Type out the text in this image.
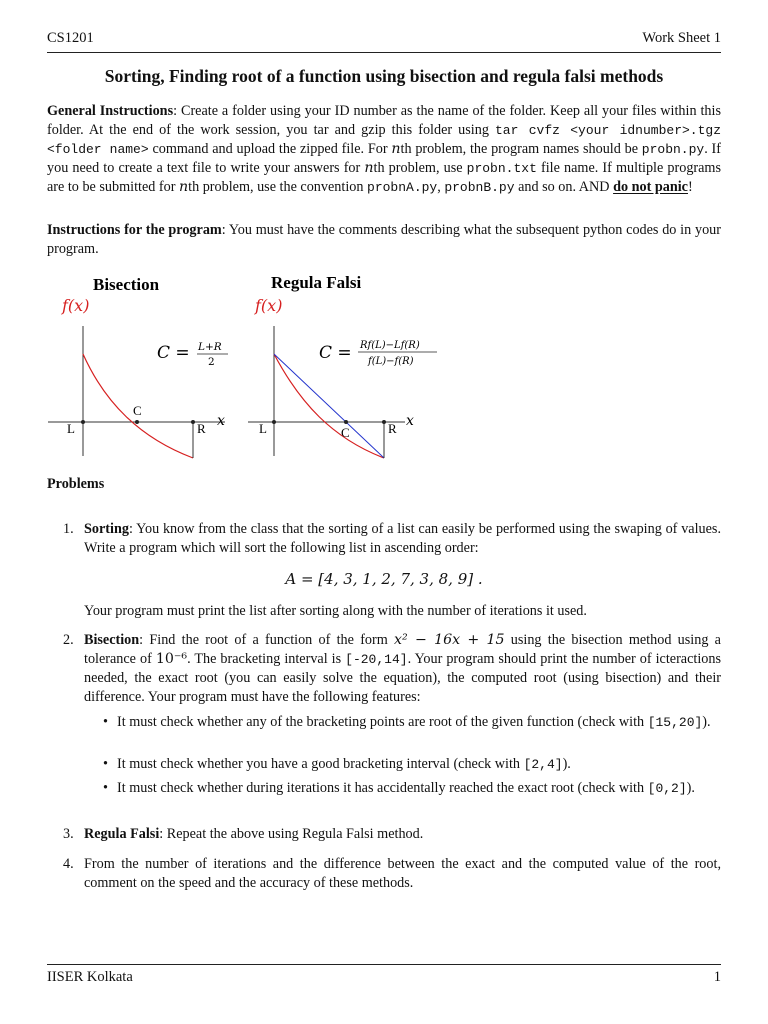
CS1201	Work Sheet 1
Sorting, Finding root of a function using bisection and regula falsi methods
General Instructions: Create a folder using your ID number as the name of the folder. Keep all your files within this folder. At the end of the work session, you tar and gzip this folder using tar cvfz <your idnumber>.tgz <folder name> command and upload the zipped file. For nth problem, the program names should be probn.py. If you need to create a text file to write your answers for nth problem, use probn.txt file name. If multiple programs are to be submitted for nth problem, use the convention probnA.py, probnB.py and so on. AND do not panic!
Instructions for the program: You must have the comments describing what the subsequent python codes do in your program.
Bisection
f(x)
L
C
R x
C = L+R
2
Regula Falsi
f(x)
L	C	R x
C = Rf(L)−Lf(R)
f(L)−f(R)
Problems
1. Sorting: You know from the class that the sorting of a list can easily be performed using the swaping of values. Write a program which will sort the following list in ascending order:
A = [4, 3, 1, 2, 7, 3, 8, 9] .
Your program must print the list after sorting along with the number of iterations it used.
2. Bisection: Find the root of a function of the form x² − 16x + 15 using the bisection method using a tolerance of 10⁻⁶. The bracketing interval is [-20,14]. Your program should print the number of icteractions needed, the exact root (you can easily solve the equation), the computed root (using bisection) and their difference. Your program must have the following features:
• It must check whether any of the bracketing points are root of the given function (check with [15,20]).
• It must check whether you have a good bracketing interval (check with [2,4]).
• It must check whether during iterations it has accidentally reached the exact root (check with [0,2]).
3. Regula Falsi: Repeat the above using Regula Falsi method.
4. From the number of iterations and the difference between the exact and the computed value of the root, comment on the speed and the accuracy of these methods.
IISER Kolkata	1
